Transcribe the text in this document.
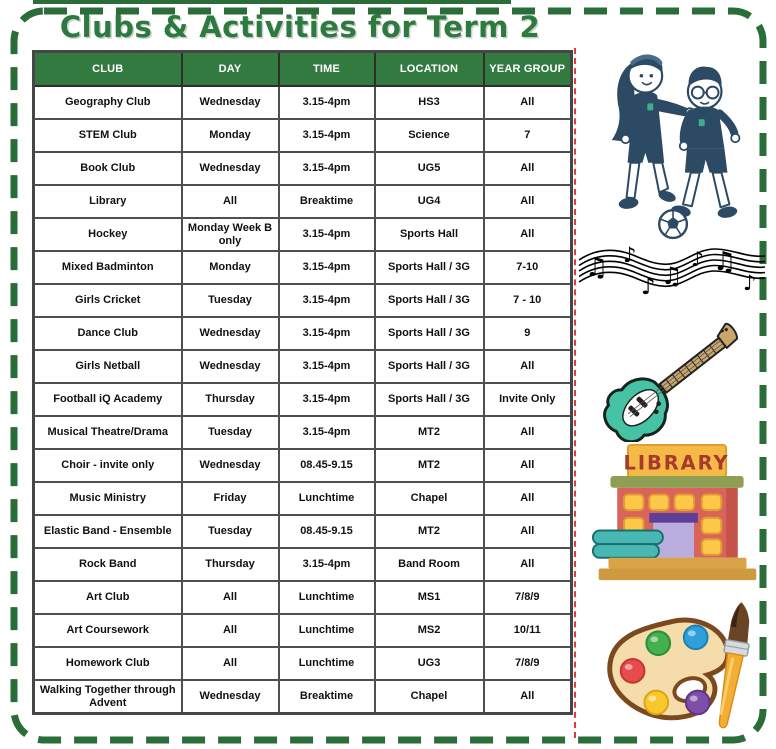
Clubs & Activities for Term 2
CLUB	DAY	TIME	LOCATION	YEAR GROUP
Geography Club	Wednesday	3.15-4pm	HS3	All
STEM Club	Monday	3.15-4pm	Science	7
Book Club	Wednesday	3.15-4pm	UG5	All
Library	All	Breaktime	UG4	All
Hockey	Monday Week B only	3.15-4pm	Sports Hall	All
Mixed Badminton	Monday	3.15-4pm	Sports Hall / 3G	7-10
Girls Cricket	Tuesday	3.15-4pm	Sports Hall / 3G	7 - 10
Dance Club	Wednesday	3.15-4pm	Sports Hall / 3G	9
Girls Netball	Wednesday	3.15-4pm	Sports Hall / 3G	All
Football iQ Academy	Thursday	3.15-4pm	Sports Hall / 3G	Invite Only
Musical Theatre/Drama	Tuesday	3.15-4pm	MT2	All
Choir - invite only	Wednesday	08.45-9.15	MT2	All
Music Ministry	Friday	Lunchtime	Chapel	All
Elastic Band - Ensemble	Tuesday	08.45-9.15	MT2	All
Rock Band	Thursday	3.15-4pm	Band Room	All
Art Club	All	Lunchtime	MS1	7/8/9
Art Coursework	All	Lunchtime	MS2	10/11
Homework Club	All	Lunchtime	UG3	7/8/9
Walking Together through Advent	Wednesday	Breaktime	Chapel	All
♫ ♪
♪ ♫
♪ ♫
♪
LIBRARY
